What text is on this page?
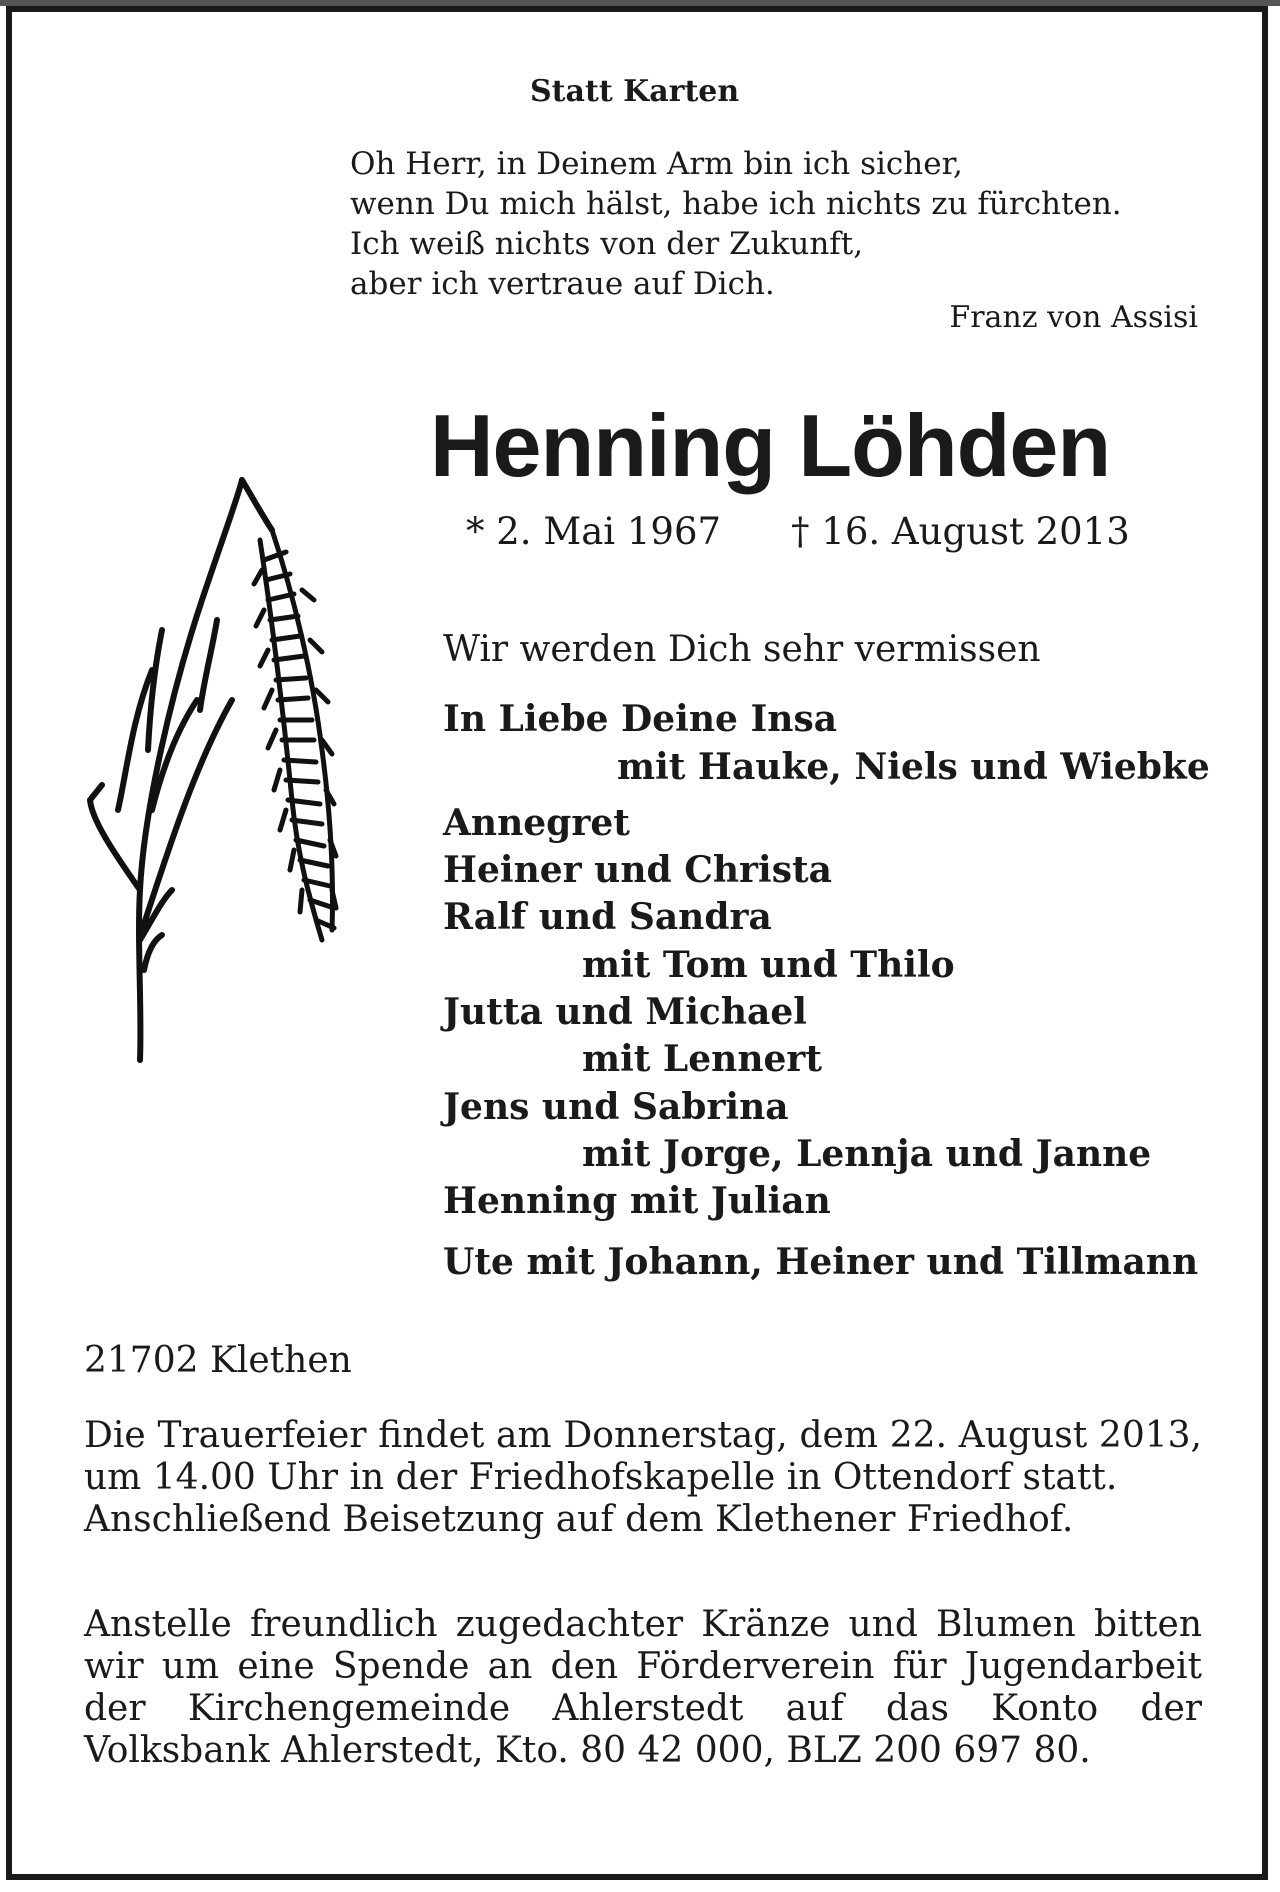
Statt Karten
Oh Herr, in Deinem Arm bin ich sicher,
wenn Du mich hälst, habe ich nichts zu fürchten.
Ich weiß nichts von der Zukunft,
aber ich vertraue auf Dich.
Franz von Assisi
Henning Löhden
* 2. Mai 1967 † 16. August 2013
Wir werden Dich sehr vermissen
In Liebe Deine Insa
mit Hauke, Niels und Wiebke
Annegret
Heiner und Christa
Ralf und Sandra
mit Tom und Thilo
Jutta und Michael
mit Lennert
Jens und Sabrina
mit Jorge, Lennja und Janne
Henning mit Julian
Ute mit Johann, Heiner und Tillmann
21702 Klethen
Die Trauerfeier findet am Donnerstag, dem 22. August 2013, um 14.00 Uhr in der Friedhofskapelle in Ottendorf statt.
Anschließend Beisetzung auf dem Klethener Friedhof.
Anstelle freundlich zugedachter Kränze und Blumen bitten wir um eine Spende an den Förderverein für Jugendarbeit der Kirchengemeinde Ahlerstedt auf das Konto der Volksbank Ahlerstedt, Kto. 80 42 000, BLZ 200 697 80.
